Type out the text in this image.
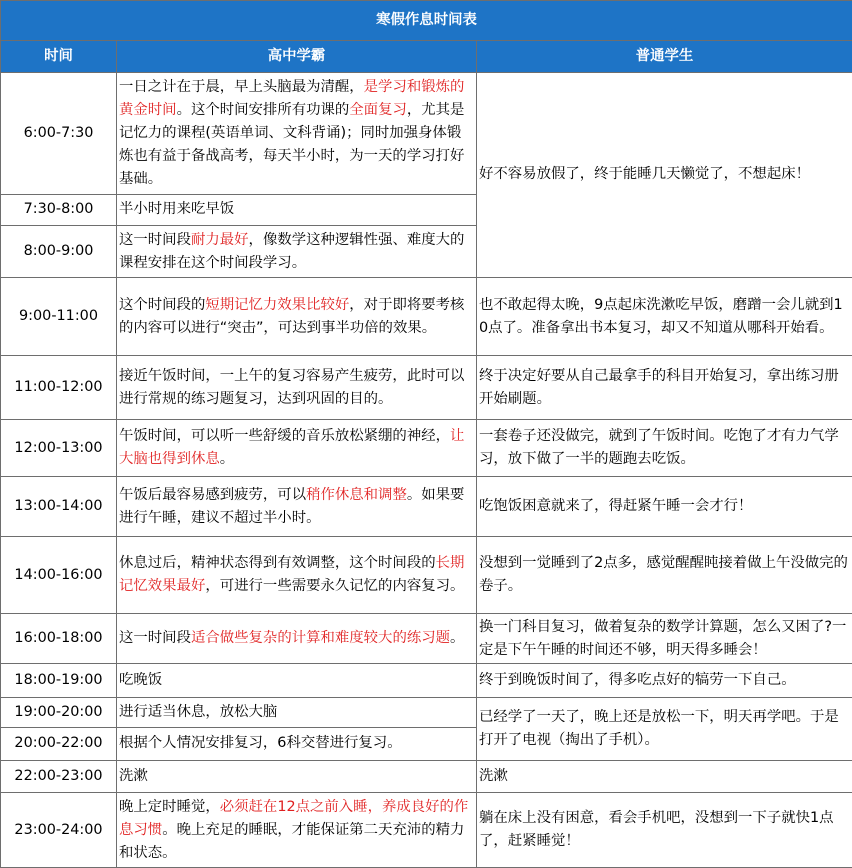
寒假作息时间表		
时间	高中学霸	普通学生
6:00-7:30	一日之计在于晨，早上头脑最为清醒，是学习和锻炼的黄金时间。这个时间安排所有功课的全面复习，尤其是记忆力的课程(英语单词、文科背诵)；同时加强身体锻炼也有益于备战高考，每天半小时，为一天的学习打好基础。	好不容易放假了，终于能睡几天懒觉了，不想起床！
7:30-8:00	半小时用来吃早饭	
8:00-9:00	这一时间段耐力最好，像数学这种逻辑性强、难度大的课程安排在这个时间段学习。	
9:00-11:00	这个时间段的短期记忆力效果比较好，对于即将要考核的内容可以进行“突击”，可达到事半功倍的效果。	也不敢起得太晚，9点起床洗漱吃早饭，磨蹭一会儿就到10点了。准备拿出书本复习，却又不知道从哪科开始看。
11:00-12:00	接近午饭时间，一上午的复习容易产生疲劳，此时可以进行常规的练习题复习，达到巩固的目的。	终于决定好要从自己最拿手的科目开始复习，拿出练习册开始刷题。
12:00-13:00	午饭时间，可以听一些舒缓的音乐放松紧绷的神经，让大脑也得到休息。	一套卷子还没做完，就到了午饭时间。吃饱了才有力气学习，放下做了一半的题跑去吃饭。
13:00-14:00	午饭后最容易感到疲劳，可以稍作休息和调整。如果要进行午睡，建议不超过半小时。	吃饱饭困意就来了，得赶紧午睡一会才行！
14:00-16:00	休息过后，精神状态得到有效调整，这个时间段的长期记忆效果最好，可进行一些需要永久记忆的内容复习。	没想到一觉睡到了2点多，感觉醒醒盹接着做上午没做完的卷子。
16:00-18:00	这一时间段适合做些复杂的计算和难度较大的练习题。	换一门科目复习，做着复杂的数学计算题，怎么又困了?一定是下午午睡的时间还不够，明天得多睡会！
18:00-19:00	吃晚饭	终于到晚饭时间了，得多吃点好的犒劳一下自己。
19:00-20:00	进行适当休息，放松大脑	已经学了一天了，晚上还是放松一下，明天再学吧。于是打开了电视（掏出了手机）。
20:00-22:00	根据个人情况安排复习，6科交替进行复习。	
22:00-23:00	洗漱	洗漱
23:00-24:00	晚上定时睡觉，必须赶在12点之前入睡，养成良好的作息习惯。晚上充足的睡眠，才能保证第二天充沛的精力和状态。	躺在床上没有困意，看会手机吧，没想到一下子就快1点了，赶紧睡觉！
